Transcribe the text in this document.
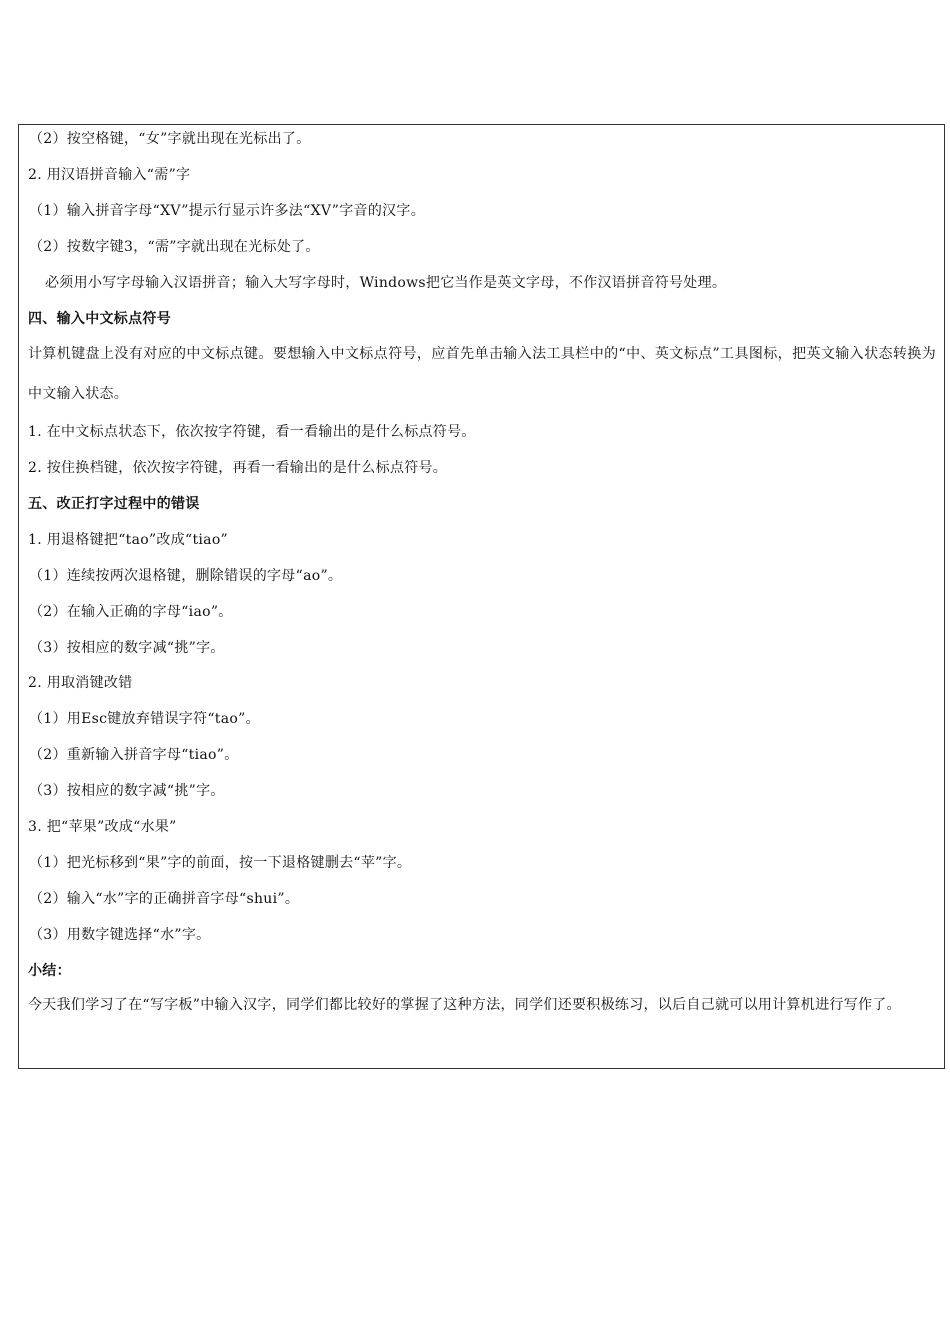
（2）按空格键，“女”字就出现在光标出了。
2. 用汉语拼音输入“需”字
（1）输入拼音字母“XV”提示行显示许多法“XV”字音的汉字。
（2）按数字键3，“需”字就出现在光标处了。
必须用小写字母输入汉语拼音；输入大写字母时，Windows把它当作是英文字母，不作汉语拼音符号处理。
四、输入中文标点符号
计算机键盘上没有对应的中文标点键。要想输入中文标点符号，应首先单击输入法工具栏中的“中、英文标点”工具图标，把英文输入状态转换为中文输入状态。
1. 在中文标点状态下，依次按字符键，看一看输出的是什么标点符号。
2. 按住换档键，依次按字符键，再看一看输出的是什么标点符号。
五、改正打字过程中的错误
1. 用退格键把“tao”改成“tiao”
（1）连续按两次退格键，删除错误的字母“ao”。
（2）在输入正确的字母“iao”。
（3）按相应的数字减“挑”字。
2. 用取消键改错
（1）用Esc键放弃错误字符“tao”。
（2）重新输入拼音字母“tiao”。
（3）按相应的数字减“挑”字。
3. 把“苹果”改成“水果”
（1）把光标移到“果”字的前面，按一下退格键删去“苹”字。
（2）输入“水”字的正确拼音字母“shui”。
（3）用数字键选择“水”字。
小结：
今天我们学习了在“写字板”中输入汉字，同学们都比较好的掌握了这种方法，同学们还要积极练习，以后自己就可以用计算机进行写作了。
